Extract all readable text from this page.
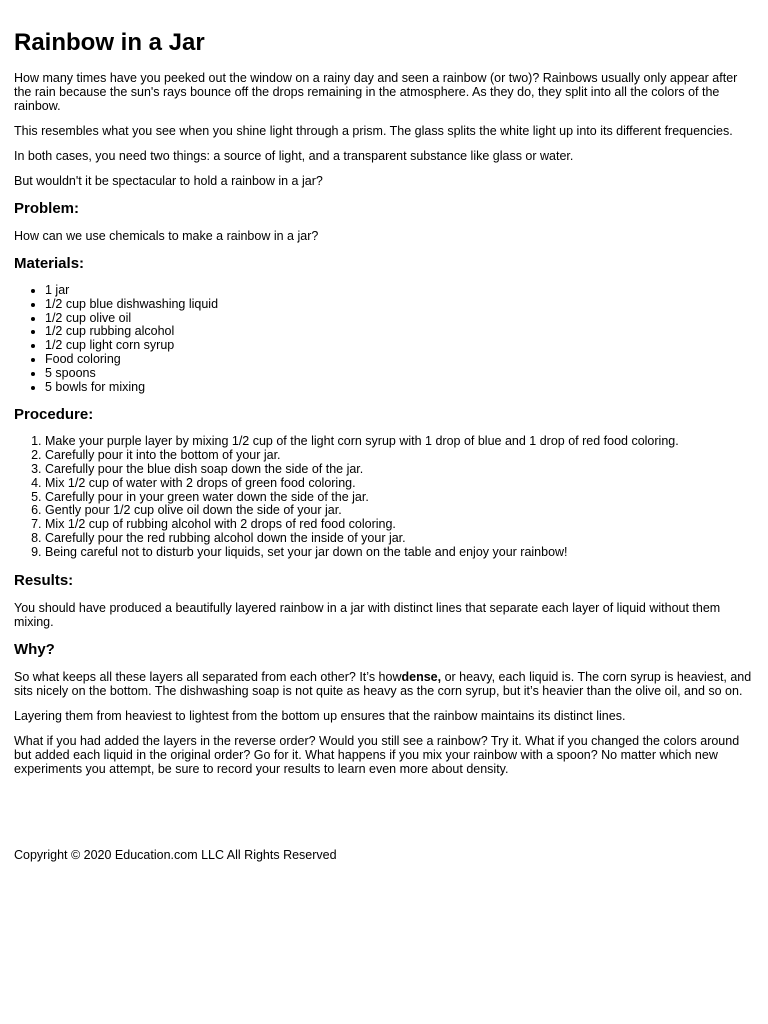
Rainbow in a Jar

How many times have you peeked out the window on a rainy day and seen a rainbow (or two)? Rainbows usually only appear after the rain because the sun's rays bounce off the drops remaining in the atmosphere. As they do, they split into all the colors of the rainbow.

This resembles what you see when you shine light through a prism. The glass splits the white light up into its different frequencies.

In both cases, you need two things: a source of light, and a transparent substance like glass or water.

But wouldn't it be spectacular to hold a rainbow in a jar?

Problem:

How can we use chemicals to make a rainbow in a jar?

Materials:
• 1 jar
• 1/2 cup blue dishwashing liquid
• 1/2 cup olive oil
• 1/2 cup rubbing alcohol
• 1/2 cup light corn syrup
• Food coloring
• 5 spoons
• 5 bowls for mixing
Procedure:
1. Make your purple layer by mixing 1/2 cup of the light corn syrup with 1 drop of blue and 1 drop of red food coloring.
2. Carefully pour it into the bottom of your jar.
3. Carefully pour the blue dish soap down the side of the jar.
4. Mix 1/2 cup of water with 2 drops of green food coloring.
5. Carefully pour in your green water down the side of the jar.
6. Gently pour 1/2 cup olive oil down the side of your jar.
7. Mix 1/2 cup of rubbing alcohol with 2 drops of red food coloring.
8. Carefully pour the red rubbing alcohol down the inside of your jar.
9. Being careful not to disturb your liquids, set your jar down on the table and enjoy your rainbow!
Results:

You should have produced a beautifully layered rainbow in a jar with distinct lines that separate each layer of liquid without them mixing.

Why?

So what keeps all these layers all separated from each other? It’s howdense, or heavy, each liquid is. The corn syrup is heaviest, and sits nicely on the bottom. The dishwashing soap is not quite as heavy as the corn syrup, but it’s heavier than the olive oil, and so on.

Layering them from heaviest to lightest from the bottom up ensures that the rainbow maintains its distinct lines.

What if you had added the layers in the reverse order? Would you still see a rainbow? Try it. What if you changed the colors around but added each liquid in the original order? Go for it. What happens if you mix your rainbow with a spoon? No matter which new experiments you attempt, be sure to record your results to learn even more about density.

Copyright © 2020 Education.com LLC All Rights Reserved
